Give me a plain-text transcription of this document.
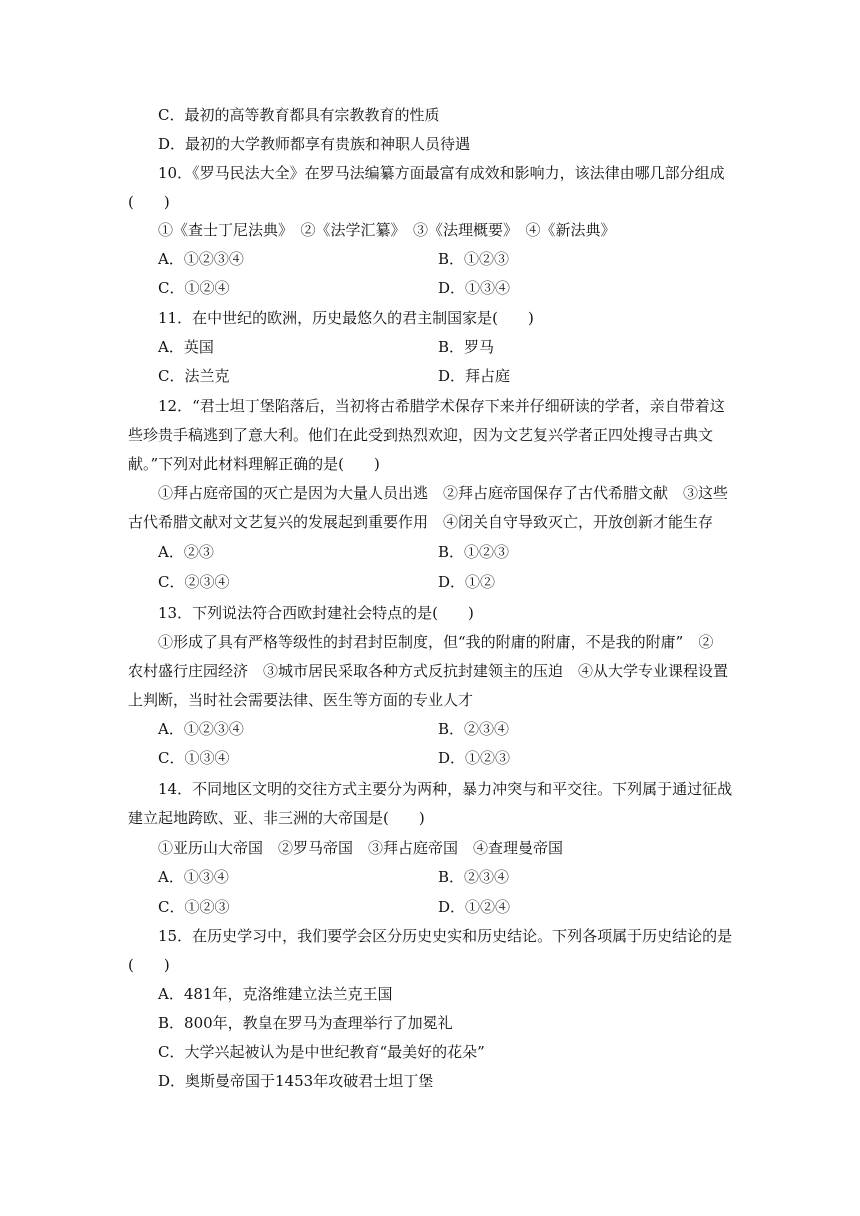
C．最初的高等教育都具有宗教教育的性质
D．最初的大学教师都享有贵族和神职人员待遇
10．《罗马民法大全》在罗马法编纂方面最富有成效和影响力，该法律由哪几部分组成
(　　)
①《查士丁尼法典》　②《法学汇纂》　③《法理概要》　④《新法典》
A．①②③④	B．①②③
C．①②④	D．①③④
11．在中世纪的欧洲，历史最悠久的君主制国家是(　　)
A．英国	B．罗马
C．法兰克	D．拜占庭
12．“君士坦丁堡陷落后，当初将古希腊学术保存下来并仔细研读的学者，亲自带着这
些珍贵手稿逃到了意大利。他们在此受到热烈欢迎，因为文艺复兴学者正四处搜寻古典文
献。”下列对此材料理解正确的是(　　)
①拜占庭帝国的灭亡是因为大量人员出逃　②拜占庭帝国保存了古代希腊文献　③这些
古代希腊文献对文艺复兴的发展起到重要作用　④闭关自守导致灭亡，开放创新才能生存
A．②③	B．①②③
C．②③④	D．①②
13．下列说法符合西欧封建社会特点的是(　　)
①形成了具有严格等级性的封君封臣制度，但“我的附庸的附庸，不是我的附庸”　②
农村盛行庄园经济　③城市居民采取各种方式反抗封建领主的压迫　④从大学专业课程设置
上判断，当时社会需要法律、医生等方面的专业人才
A．①②③④	B．②③④
C．①③④	D．①②③
14．不同地区文明的交往方式主要分为两种，暴力冲突与和平交往。下列属于通过征战
建立起地跨欧、亚、非三洲的大帝国是(　　)
①亚历山大帝国　②罗马帝国　③拜占庭帝国　④查理曼帝国
A．①③④	B．②③④
C．①②③	D．①②④
15．在历史学习中，我们要学会区分历史史实和历史结论。下列各项属于历史结论的是
(　　)
A．481年，克洛维建立法兰克王国
B．800年，教皇在罗马为查理举行了加冕礼
C．大学兴起被认为是中世纪教育“最美好的花朵”
D．奥斯曼帝国于1453年攻破君士坦丁堡
